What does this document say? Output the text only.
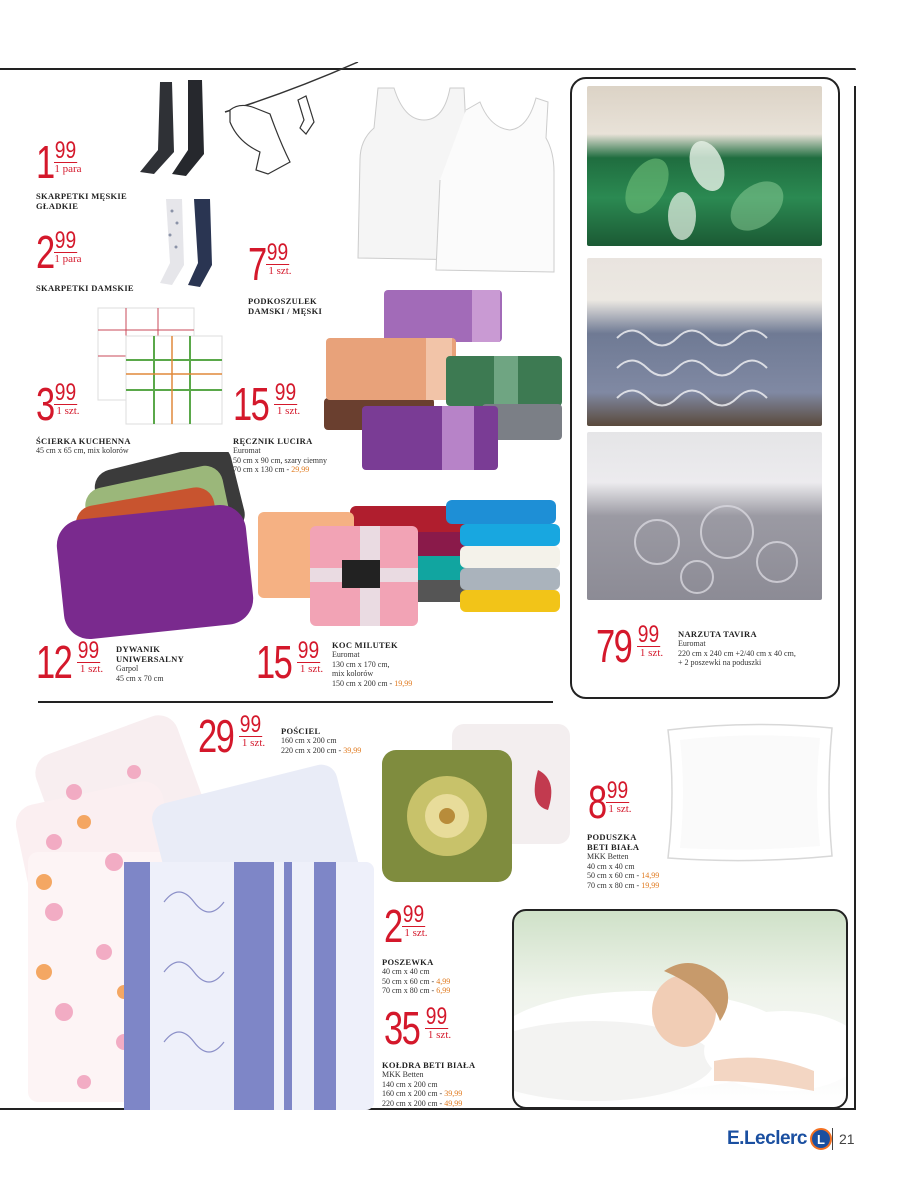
1 99
1 para
SKARPETKI MĘSKIE
GŁADKIE
2 99
1 para
SKARPETKI DAMSKIE 7 99
1 szt.
PODKOSZULEK
DAMSKI / MĘSKI
3 99
1 szt.
ŚCIERKA KUCHENNA
45 cm x 65 cm, mix kolorów
15 99
1 szt.
RĘCZNIK LUCIRA
Euromat
50 cm x 90 cm, szary ciemny
70 cm x 130 cm - 29,99
12 99
1 szt.
DYWANIK
UNIWERSALNY
Garpol
45 cm x 70 cm	15 99
1 szt.
KOC MILUTEK
Euromat
130 cm x 170 cm,
mix kolorów
150 cm x 200 cm - 19,99
79 99
1 szt.
NARZUTA TAVIRA
Euromat
220 cm x 240 cm +2/40 cm x 40 cm,
+ 2 poszewki na poduszki
29 99
1 szt.
POŚCIEL
160 cm x 200 cm
220 cm x 200 cm - 39,99
8 99
1 szt.
PODUSZKA
BETI BIAŁA
MKK Betten
40 cm x 40 cm
50 cm x 60 cm - 14,99
70 cm x 80 cm - 19,99
2 99
1 szt.
POSZEWKA
40 cm x 40 cm
50 cm x 60 cm - 4,99
70 cm x 80 cm - 6,99
35 99
1 szt.
KOŁDRA BETI BIAŁA
MKK Betten
140 cm x 200 cm
160 cm x 200 cm - 39,99
220 cm x 200 cm - 49,99
E.Leclerc L	21
